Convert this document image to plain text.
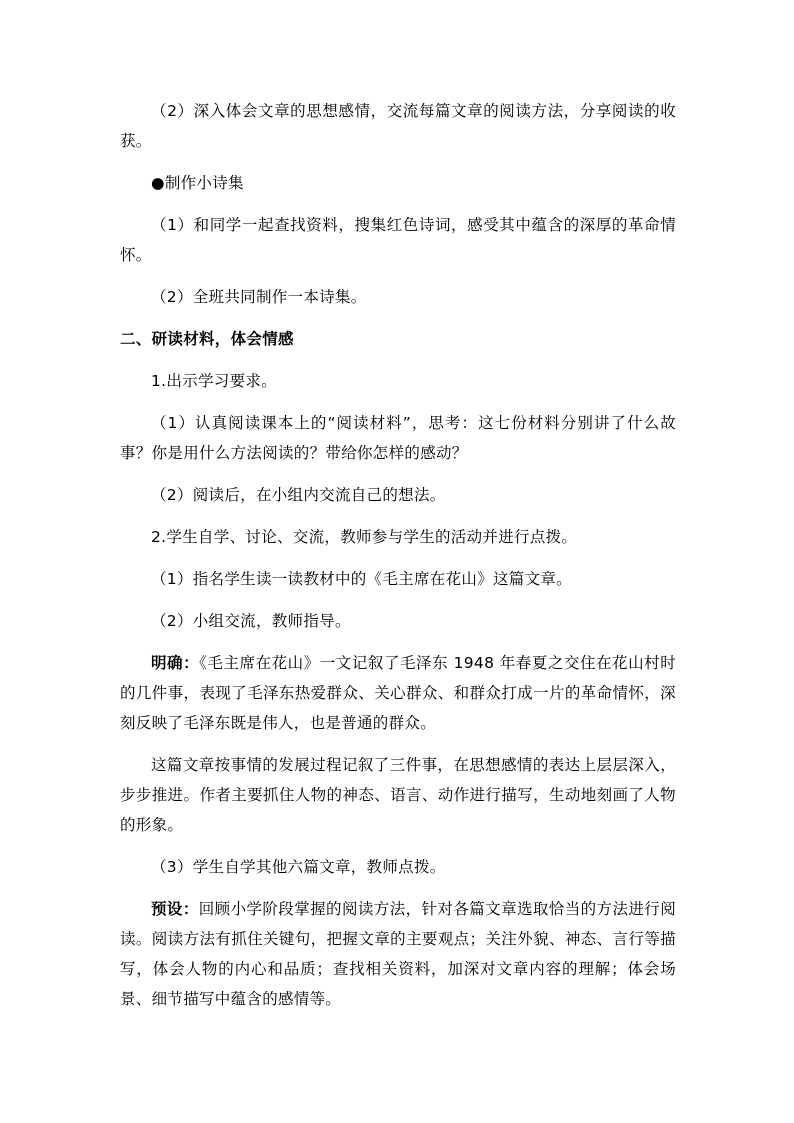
（2）深入体会文章的思想感情，交流每篇文章的阅读方法，分享阅读的收获。

●制作小诗集

（1）和同学一起查找资料，搜集红色诗词，感受其中蕴含的深厚的革命情怀。

（2）全班共同制作一本诗集。

二、研读材料，体会情感

1.出示学习要求。

（1）认真阅读课本上的“阅读材料”，思考：这七份材料分别讲了什么故事？你是用什么方法阅读的？带给你怎样的感动？

（2）阅读后，在小组内交流自己的想法。

2.学生自学、讨论、交流，教师参与学生的活动并进行点拨。

（1）指名学生读一读教材中的《毛主席在花山》这篇文章。

（2）小组交流，教师指导。

明确：《毛主席在花山》一文记叙了毛泽东 1948 年春夏之交住在花山村时的几件事，表现了毛泽东热爱群众、关心群众、和群众打成一片的革命情怀，深刻反映了毛泽东既是伟人，也是普通的群众。

这篇文章按事情的发展过程记叙了三件事，在思想感情的表达上层层深入，步步推进。作者主要抓住人物的神态、语言、动作进行描写，生动地刻画了人物的形象。

（3）学生自学其他六篇文章，教师点拨。

预设：回顾小学阶段掌握的阅读方法，针对各篇文章选取恰当的方法进行阅读。阅读方法有抓住关键句，把握文章的主要观点；关注外貌、神态、言行等描写，体会人物的内心和品质；查找相关资料，加深对文章内容的理解；体会场景、细节描写中蕴含的感情等。
